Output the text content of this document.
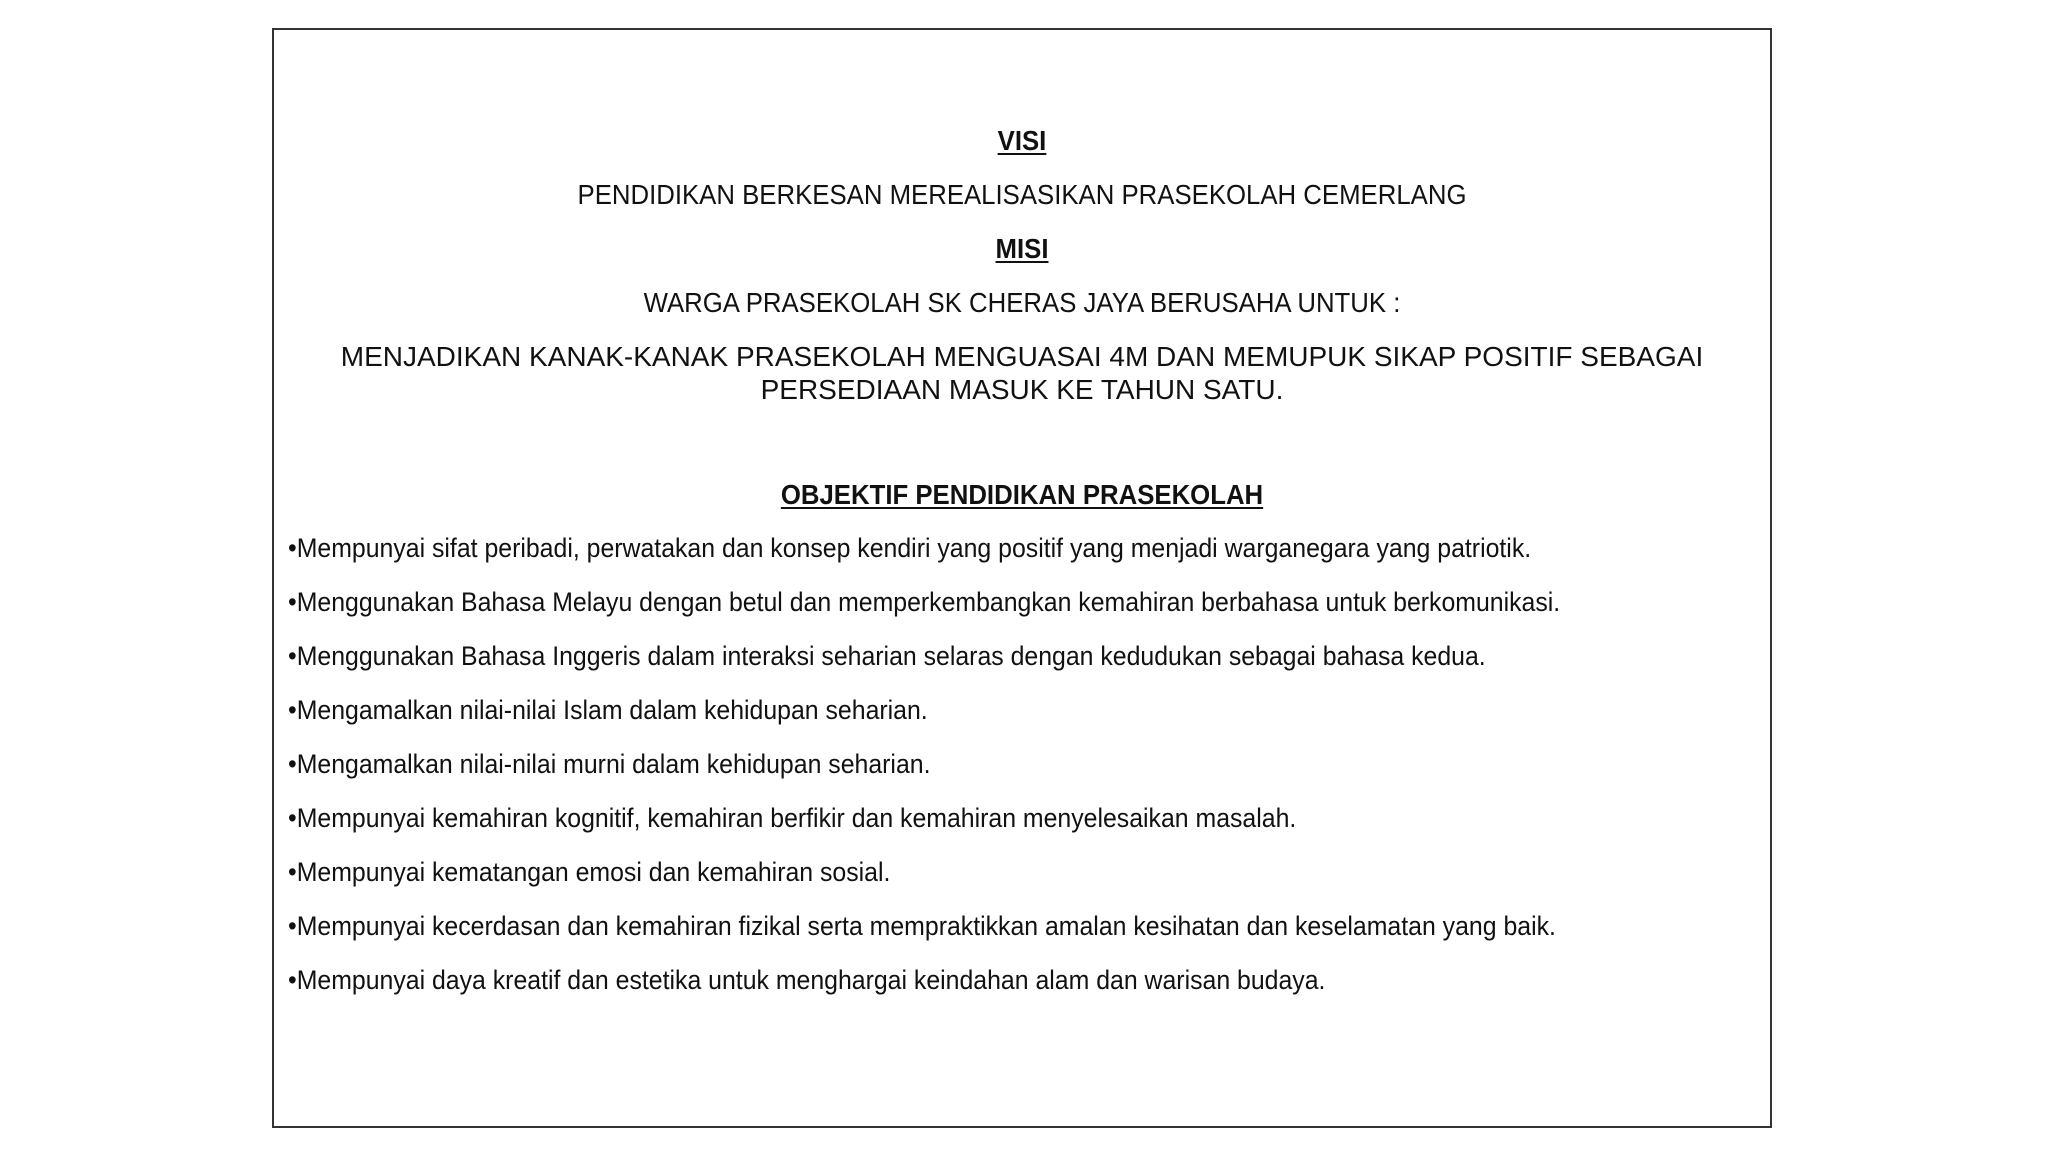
VISI
PENDIDIKAN BERKESAN MEREALISASIKAN PRASEKOLAH CEMERLANG
MISI
WARGA PRASEKOLAH SK CHERAS JAYA BERUSAHA UNTUK :
MENJADIKAN KANAK-KANAK PRASEKOLAH MENGUASAI 4M DAN MEMUPUK SIKAP POSITIF SEBAGAI PERSEDIAAN MASUK KE TAHUN SATU.
OBJEKTIF PENDIDIKAN PRASEKOLAH
•Mempunyai sifat peribadi, perwatakan dan konsep kendiri yang positif yang menjadi warganegara yang patriotik.
•Menggunakan Bahasa Melayu dengan betul dan memperkembangkan kemahiran berbahasa untuk berkomunikasi.
•Menggunakan Bahasa Inggeris dalam interaksi seharian selaras dengan kedudukan sebagai bahasa kedua.
•Mengamalkan nilai-nilai Islam dalam kehidupan seharian.
•Mengamalkan nilai-nilai murni dalam kehidupan seharian.
•Mempunyai kemahiran kognitif, kemahiran berfikir dan kemahiran menyelesaikan masalah.
•Mempunyai kematangan emosi dan kemahiran sosial.
•Mempunyai kecerdasan dan kemahiran fizikal serta mempraktikkan amalan kesihatan dan keselamatan yang baik.
•Mempunyai daya kreatif dan estetika untuk menghargai keindahan alam dan warisan budaya.
